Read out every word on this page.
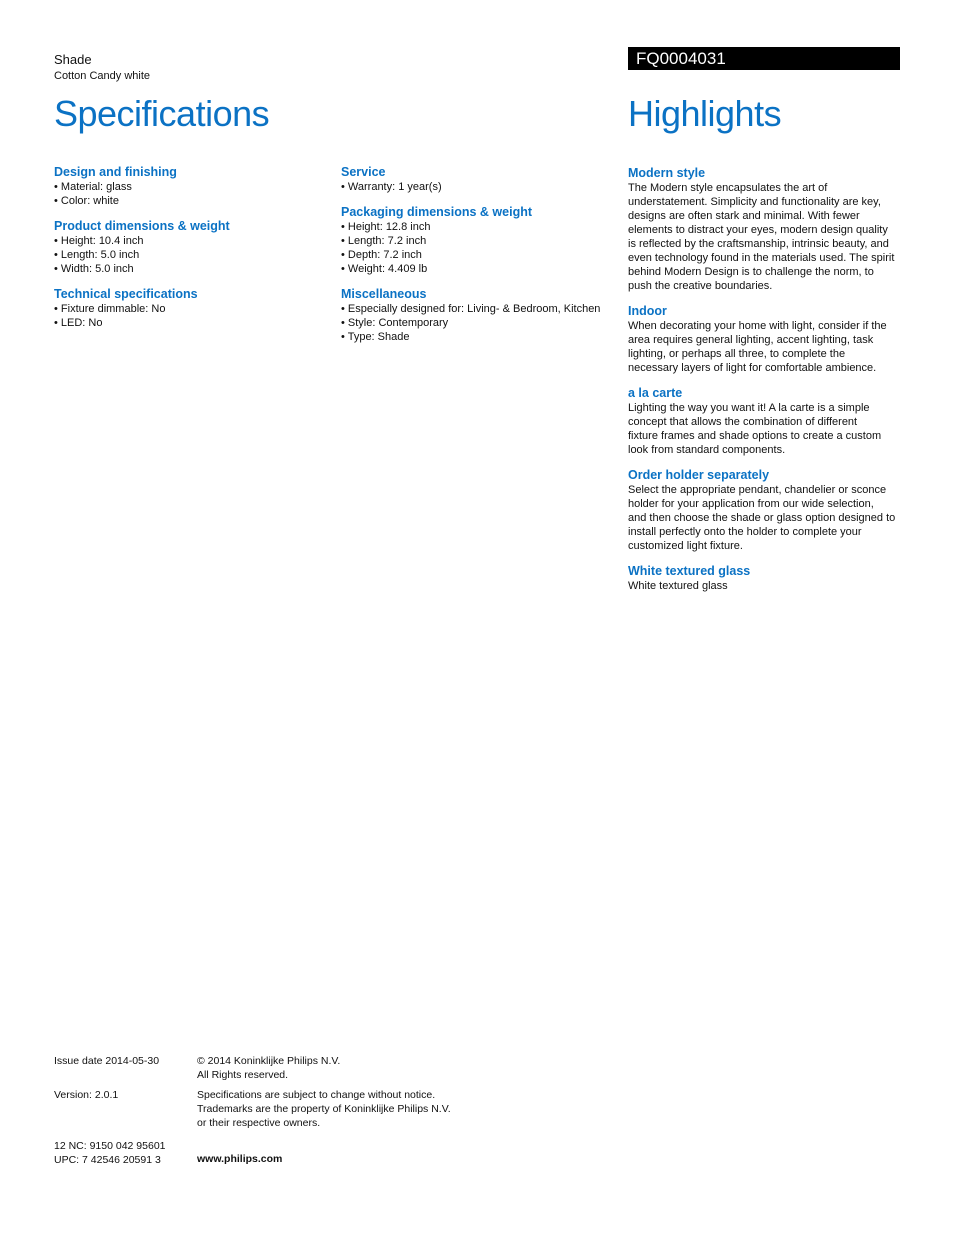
Shade
Cotton Candy white
FQ0004031
Specifications	Highlights
Design and finishing
• Material: glass
• Color: white
Product dimensions & weight
• Height: 10.4 inch
• Length: 5.0 inch
• Width: 5.0 inch
Technical specifications
• Fixture dimmable: No
• LED: No
Service
• Warranty: 1 year(s)
Packaging dimensions & weight
• Height: 12.8 inch
• Length: 7.2 inch
• Depth: 7.2 inch
• Weight: 4.409 lb
Miscellaneous
• Especially designed for: Living- & Bedroom, Kitchen
• Style: Contemporary
• Type: Shade
Modern style
The Modern style encapsulates the art of
understatement. Simplicity and functionality are key,
designs are often stark and minimal. With fewer
elements to distract your eyes, modern design quality
is reflected by the craftsmanship, intrinsic beauty, and
even technology found in the materials used. The spirit
behind Modern Design is to challenge the norm, to
push the creative boundaries.
Indoor
When decorating your home with light, consider if the
area requires general lighting, accent lighting, task
lighting, or perhaps all three, to complete the
necessary layers of light for comfortable ambience.
a la carte
Lighting the way you want it! A la carte is a simple
concept that allows the combination of different
fixture frames and shade options to create a custom
look from standard components.
Order holder separately
Select the appropriate pendant, chandelier or sconce
holder for your application from our wide selection,
and then choose the shade or glass option designed to
install perfectly onto the holder to complete your
customized light fixture.
White textured glass
White textured glass
Issue date 2014-05-30
Version: 2.0.1
12 NC: 9150 042 95601
UPC: 7 42546 20591 3
© 2014 Koninklijke Philips N.V.
All Rights reserved.
Specifications are subject to change without notice.
Trademarks are the property of Koninklijke Philips N.V.
or their respective owners.
www.philips.com
